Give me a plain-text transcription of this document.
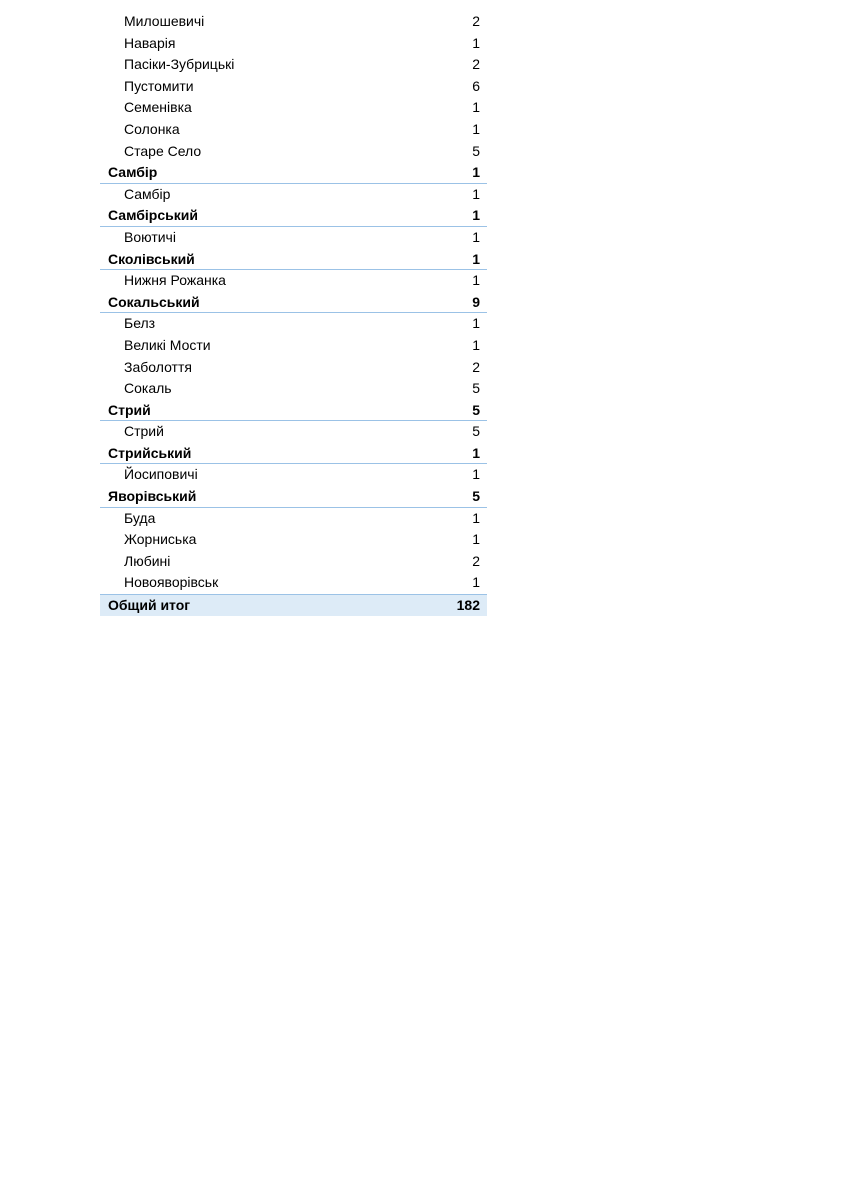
Милошевичі	2
Наварія	1
Пасіки-Зубрицькі	2
Пустомити	6
Семенівка	1
Солонка	1
Старе Село	5
Самбір	1
Самбір	1
Самбірський	1
Воютичі	1
Сколівський	1
Нижня Рожанка	1
Сокальський	9
Белз	1
Великі Мости	1
Заболоття	2
Сокаль	5
Стрий	5
Стрий	5
Стрийський	1
Йосиповичі	1
Яворівський	5
Буда	1
Жорниська	1
Любині	2
Новояворівськ	1
Общий итог	182
